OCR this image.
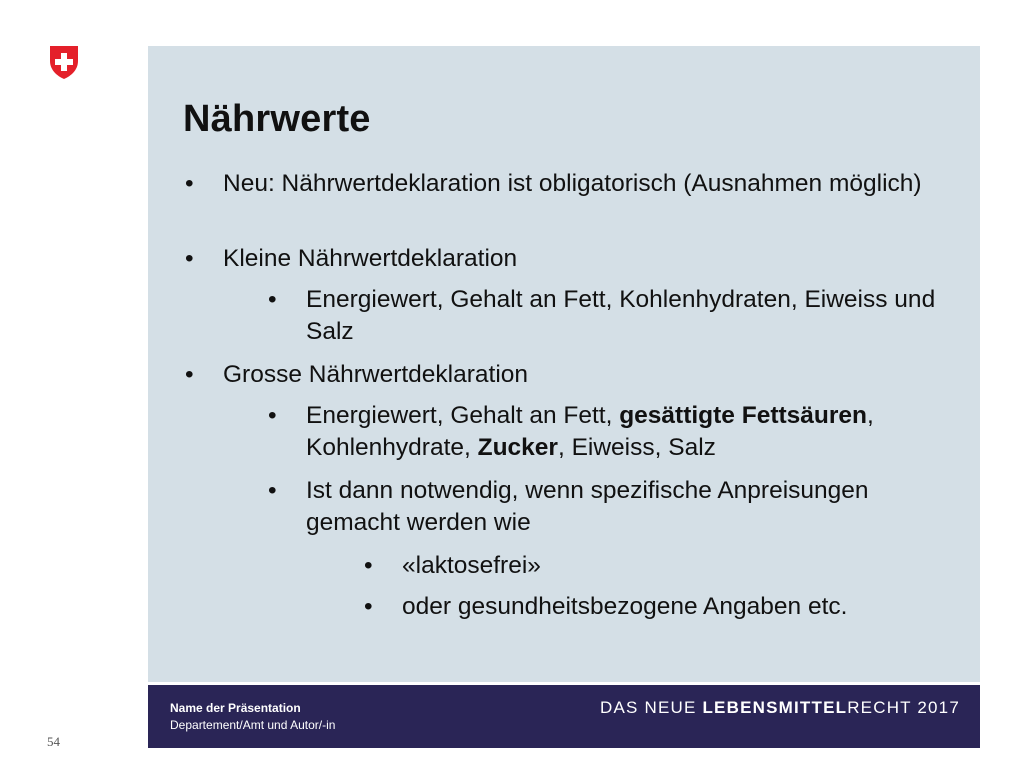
Nährwerte
• Neu: Nährwertdeklaration ist obligatorisch (Ausnahmen möglich)
• Kleine Nährwertdeklaration
• Energiewert, Gehalt an Fett, Kohlenhydraten, Eiweiss und Salz
• Grosse Nährwertdeklaration
• Energiewert, Gehalt an Fett, gesättigte Fettsäuren, Kohlenhydrate, Zucker, Eiweiss, Salz
• Ist dann notwendig, wenn spezifische Anpreisungen gemacht werden wie
• «laktosefrei»
• oder gesundheitsbezogene Angaben etc.
Name der Präsentation
Departement/Amt und Autor/-in
DAS NEUE LEBENSMITTELRECHT 2017
54
